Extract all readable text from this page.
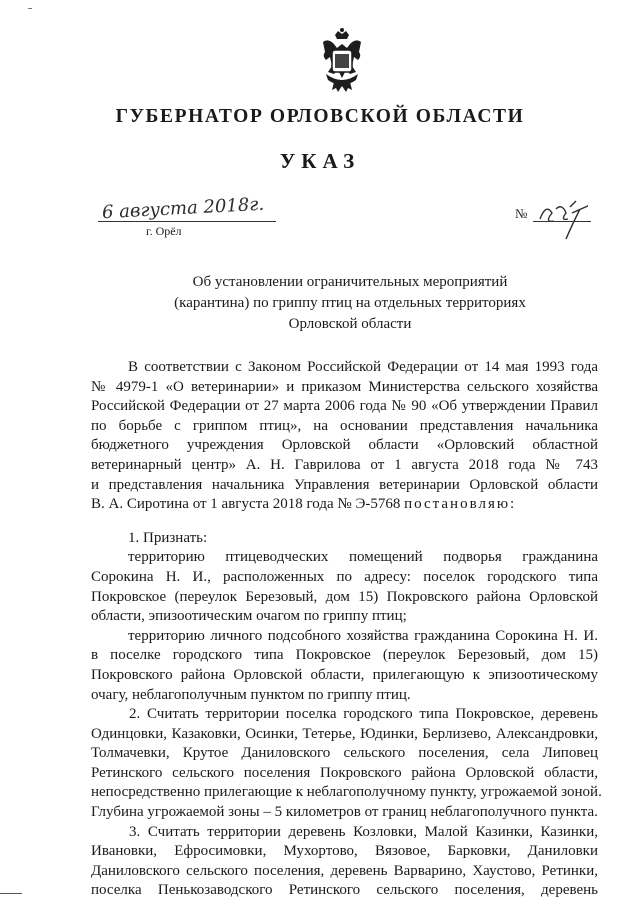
ГУБЕРНАТОР ОРЛОВСКОЙ ОБЛАСТИ
УКАЗ
6 августа 2018г.	№
г. Орёл
Об установлении ограничительных мероприятий
(карантина) по гриппу птиц на отдельных территориях
Орловской области
В соответствии с Законом Российской Федерации от 14 мая 1993 года
№ 4979-1 «О ветеринарии» и приказом Министерства сельского хозяйства
Российской Федерации от 27 марта 2006 года № 90 «Об утверждении Правил
по борьбе с гриппом птиц», на основании представления начальника
бюджетного учреждения Орловской области «Орловский областной
ветеринарный центр» А. Н. Гаврилова от 1 августа 2018 года № 743
и представления начальника Управления ветеринарии Орловской области
В. А. Сиротина от 1 августа 2018 года № Э-5768 постановляю:
1. Признать:
территорию птицеводческих помещений подворья гражданина
Сорокина Н. И., расположенных по адресу: поселок городского типа
Покровское (переулок Березовый, дом 15) Покровского района Орловской
области, эпизоотическим очагом по гриппу птиц;
территорию личного подсобного хозяйства гражданина Сорокина Н. И.
в поселке городского типа Покровское (переулок Березовый, дом 15)
Покровского района Орловской области, прилегающую к эпизоотическому
очагу, неблагополучным пунктом по гриппу птиц.
2. Считать территории поселка городского типа Покровское, деревень
Одинцовки, Казаковки, Осинки, Тетерье, Юдинки, Берлизево, Александровки,
Толмачевки, Крутое Даниловского сельского поселения, села Липовец
Ретинского сельского поселения Покровского района Орловской области,
непосредственно прилегающие к неблагополучному пункту, угрожаемой зоной.
Глубина угрожаемой зоны – 5 километров от границ неблагополучного пункта.
3. Считать территории деревень Козловки, Малой Казинки, Казинки,
Ивановки, Ефросимовки, Мухортово, Вязовое, Барковки, Даниловки
Даниловского сельского поселения, деревень Варварино, Хаустово, Ретинки,
поселка Пенькозаводского Ретинского сельского поселения, деревень
